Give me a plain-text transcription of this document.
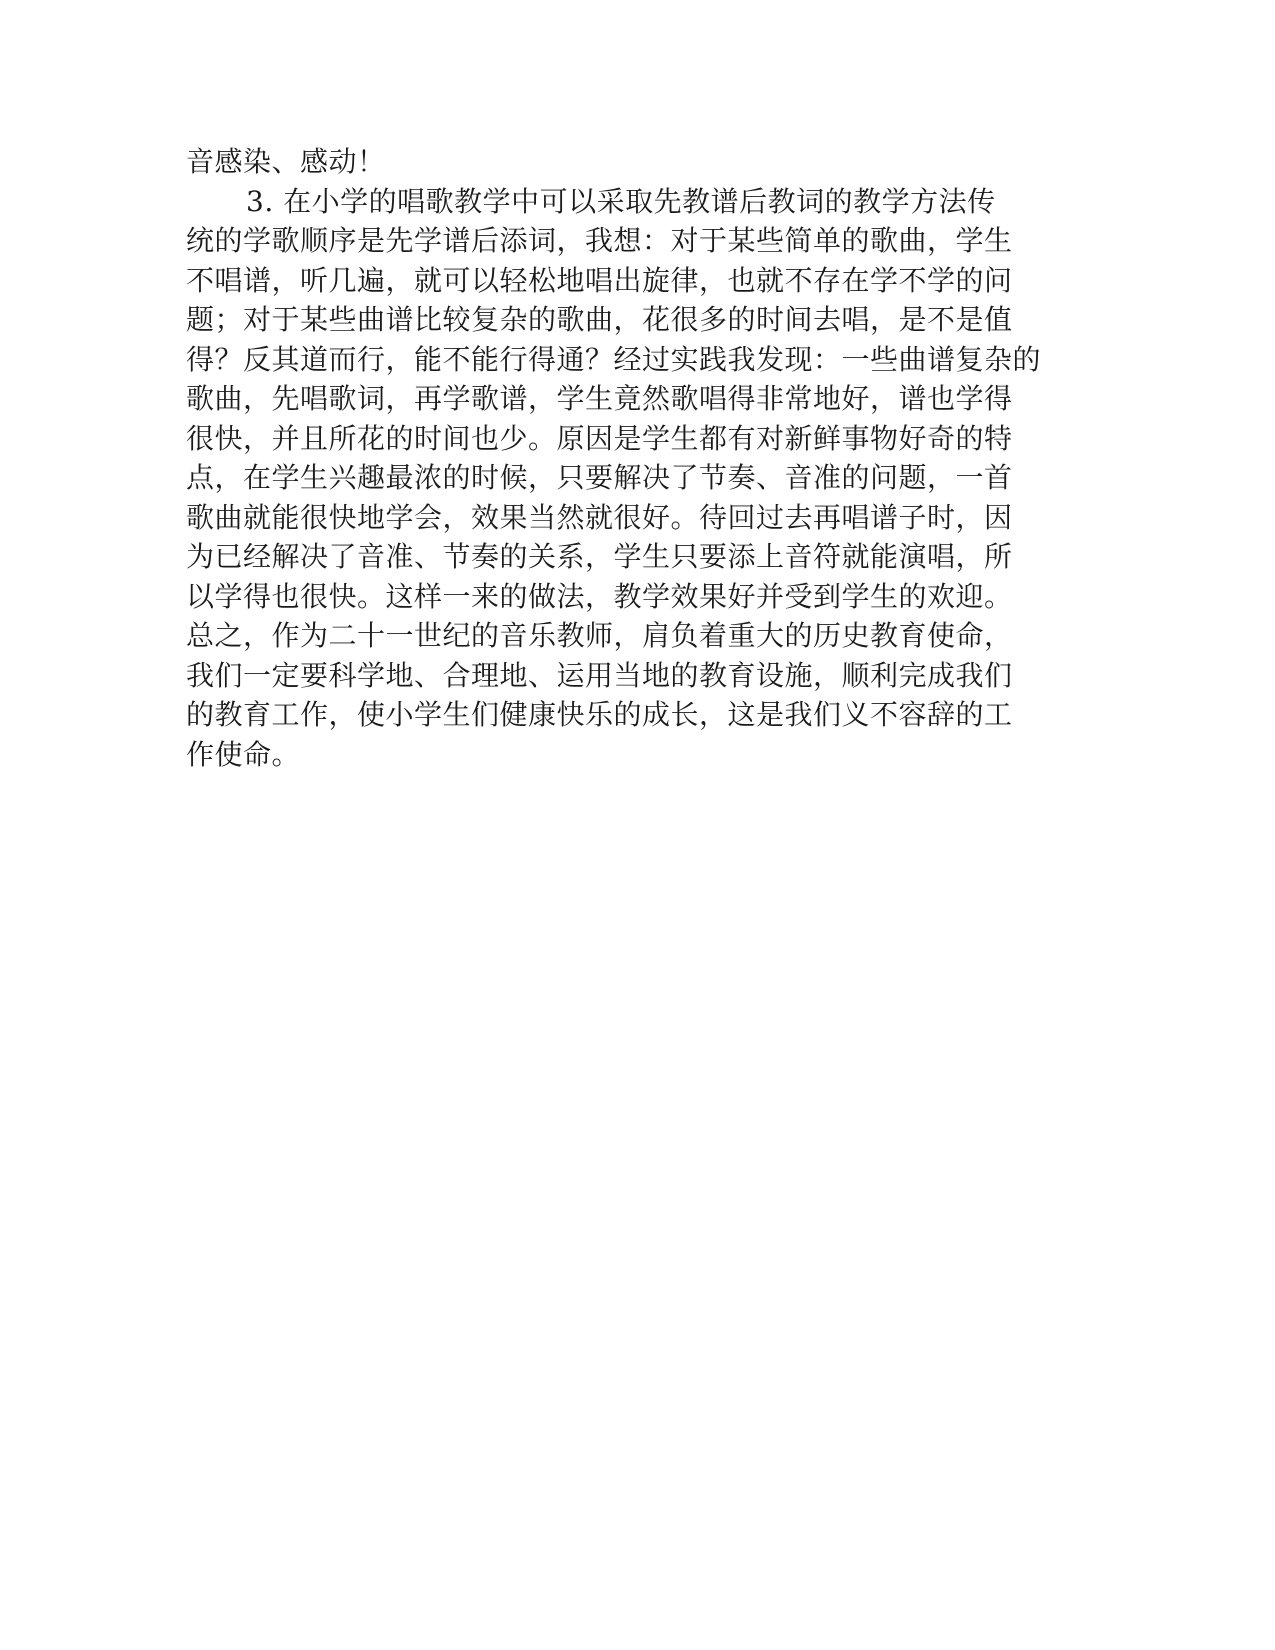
音感染、感动！
3. 在小学的唱歌教学中可以采取先教谱后教词的教学方法传
统的学歌顺序是先学谱后添词，我想：对于某些简单的歌曲，学生
不唱谱，听几遍，就可以轻松地唱出旋律，也就不存在学不学的问
题；对于某些曲谱比较复杂的歌曲，花很多的时间去唱，是不是值
得？反其道而行，能不能行得通？经过实践我发现：一些曲谱复杂的
歌曲，先唱歌词，再学歌谱，学生竟然歌唱得非常地好，谱也学得
很快，并且所花的时间也少。原因是学生都有对新鲜事物好奇的特
点，在学生兴趣最浓的时候，只要解决了节奏、音准的问题，一首
歌曲就能很快地学会，效果当然就很好。待回过去再唱谱子时，因
为已经解决了音准、节奏的关系，学生只要添上音符就能演唱，所
以学得也很快。这样一来的做法，教学效果好并受到学生的欢迎。
总之，作为二十一世纪的音乐教师，肩负着重大的历史教育使命，
我们一定要科学地、合理地、运用当地的教育设施，顺利完成我们
的教育工作，使小学生们健康快乐的成长，这是我们义不容辞的工
作使命。
